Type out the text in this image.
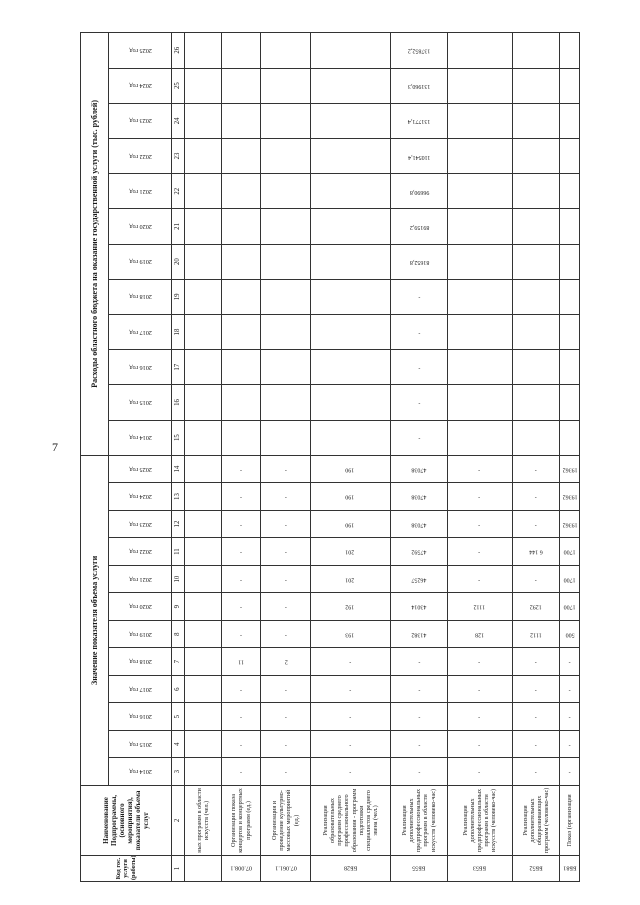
7
Код гос. услуги (работы)	Наименование Подпрограммы, (основного мероприятия), показатели объема услуг	Значение показателя объема услуги												Расходы областного бюджета на оказание государственной услуги (тыс. рублей)											
		2014 год	2015 год	2016 год	2017 год	2018 год	2019 год	2020 год	2021 год	2022 год	2023 год	2024 год	2025 год	2014 год	2015 год	2016 год	2017 год	2018 год	2019 год	2020 год	2021 год	2022 год	2023 год	2024 год	2025 год
1	2	3	4	5	6	7	8	9	10	11	12	13	14	15	16	17	18	19	20	21	22	23	24	25	26
	ных программ в области искусств (чел.)																								
07.008.1	Организация показа концертов и концертных программ (ед.)	-	-	-	-	11	-	-	-	-	-	-	-												
07.061.1	Организация и проведение культурно-массовых мероприятий (ед.)	-	-	-	-	2	-	-	-	-	-	-	-												
ББ28	Реализация образовательных программ среднего профессионального образования - программ подготовки специалистов среднего звена (чел.)	-	-	-	-	-	193	192	201	201	190	190	190												
ББ55	Реализация дополнительных предпрофессиональных программ в области искусств (человеко-час)	-	-	-	-	-	41382	43014	46257	47592	47038	47038	47038	-	-	-	-	-	81652,8	89159,2	96690,8	110541,4	131771,4	131960,3	137852,2
ББ53	Реализация дополнительных предпрофессиональных программ в области искусств (человеко-час)	-	-	-	-	-	128	1112	-	-	-	-	-												
ББ52	Реализация дополнительных общеразвивающих программ (человеко-час)	-	-	-	-	-	1112	1292	-	6 144	-	-	-												
ББ81	Показ (организация	-	-	-	-	-	500	1700	1700	1700	19362	19362	19362												
